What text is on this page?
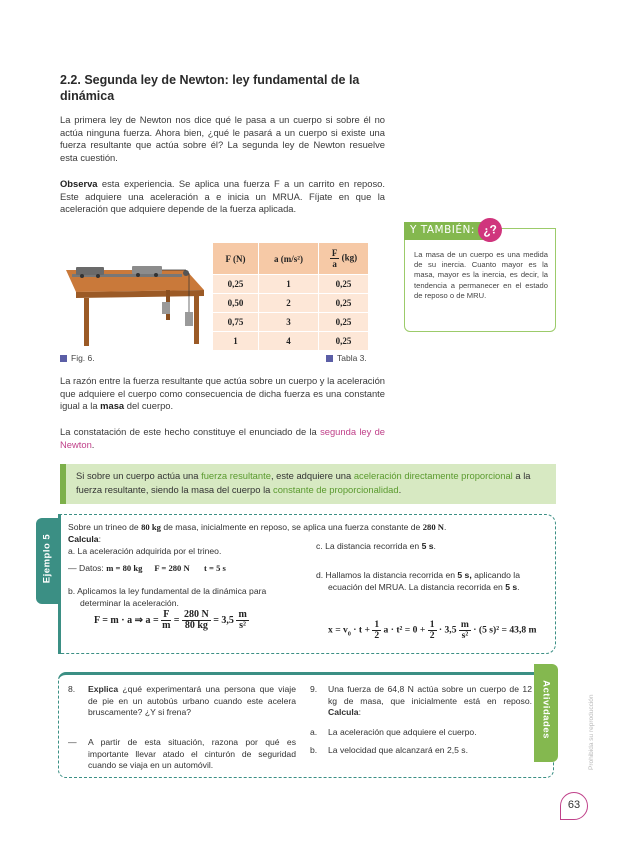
2.2. Segunda ley de Newton: ley fundamental de la dinámica

La primera ley de Newton nos dice qué le pasa a un cuerpo si sobre él no actúa ninguna fuerza. Ahora bien, ¿qué le pasará a un cuerpo si existe una fuerza resultante que actúa sobre él? La segunda ley de Newton resuelve esta cuestión.

Observa esta experiencia. Se aplica una fuerza F a un carrito en reposo. Este adquiere una aceleración a e inicia un MRUA. Fíjate en que la aceleración que adquiere depende de la fuerza aplicada.

Fig. 6.
F (N)	a (m/s²)	$\frac{F}{a} (kg)$
0,25	1	0,25
0,50	2	0,25
0,75	3	0,25
1	4	0,25
Tabla 3.
Y TAMBIÉN: ¿?

La masa de un cuerpo es una medida de su inercia. Cuanto mayor es la masa, mayor es la inercia, es decir, la tendencia a permanecer en el estado de reposo o de MRU.

La razón entre la fuerza resultante que actúa sobre un cuerpo y la aceleración que adquiere el cuerpo como consecuencia de dicha fuerza es una constante igual a la masa del cuerpo.

La constatación de este hecho constituye el enunciado de la segunda ley de Newton.

Si sobre un cuerpo actúa una fuerza resultante, este adquiere una aceleración directamente proporcional a la fuerza resultante, siendo la masa del cuerpo la constante de proporcionalidad.
Ejemplo 5

Sobre un trineo de 80 kg de masa, inicialmente en reposo, se aplica una fuerza constante de 280 N.

Calcula:

a. La aceleración adquirida por el trineo.

— Datos: m = 80 kg F = 280 N t = 5 s

b. Aplicamos la ley fundamental de la dinámica para determinar la aceleración.

F = m · a ⇒ $a = \frac{F}{m} = \frac{280 N}{80 kg} = 3,5 \frac{m}{\text{s²}}$

c. La distancia recorrida en 5 s.

d. Hallamos la distancia recorrida en 5 s, aplicando la ecuación del MRUA. La distancia recorrida en 5 s.

$x = v_0 \cdot t + \frac{1}{2}$ $a \cdot t^2 = 0 + \frac{1}{2} \cdot 3,5 \frac{m}{\text{s²}} \cdot (5$ s)² = 43,8 m
Actividades
8.	Explica ¿qué experimentará una persona que viaje de pie en un autobús urbano cuando este acelera bruscamente? ¿Y si frena?

—	A partir de esta situación, razona por qué es importante llevar atado el cinturón de seguridad cuando se viaja en un automóvil.

9.	Una fuerza de 64,8 N actúa sobre un cuerpo de 12 kg de masa, que inicialmente está en reposo. Calcula:

a. La aceleración que adquiere el cuerpo.

b. La velocidad que alcanzará en 2,5 s.	Prohibida su reproducción
63
